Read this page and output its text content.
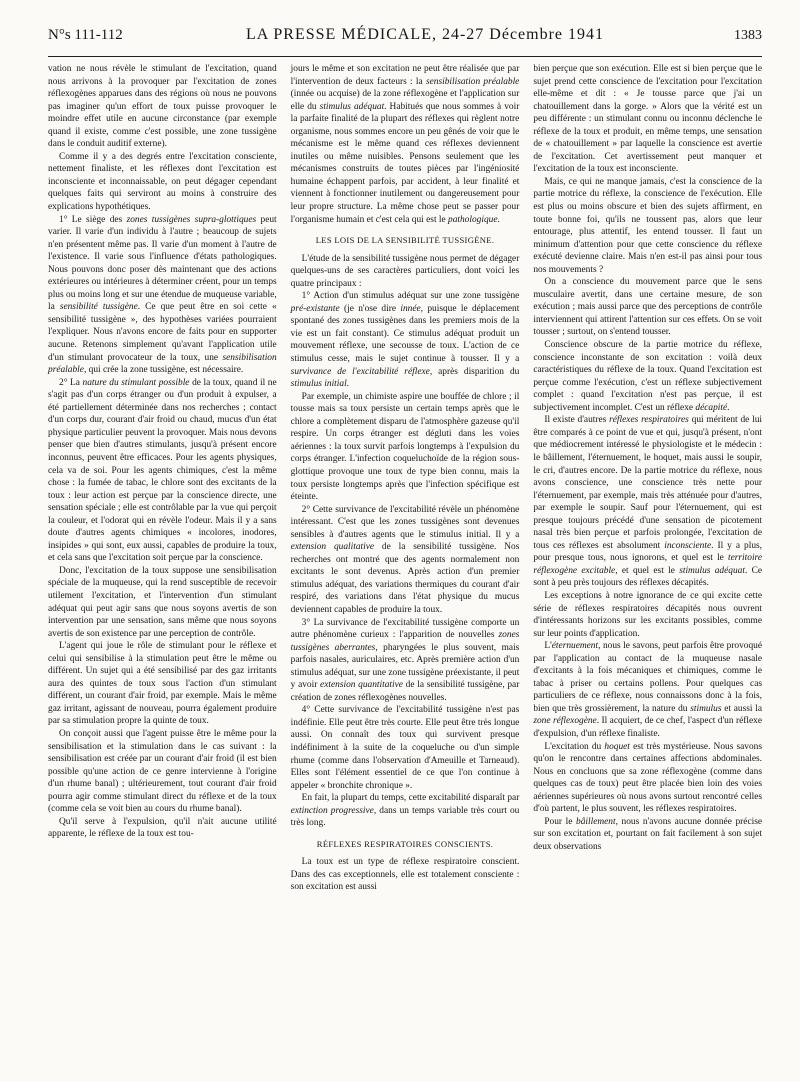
N°s 111-112	LA PRESSE MÉDICALE, 24-27 Décembre 1941	1383

vation ne nous révèle le stimulant de l'excitation, quand nous arrivons à la provoquer par l'excitation de zones réflexogènes apparues dans des régions où nous ne pouvons pas imaginer qu'un effort de toux puisse provoquer le moindre effet utile en aucune circonstance (par exemple quand il existe, comme c'est possible, une zone tussigène dans le conduit auditif externe).

Comme il y a des degrés entre l'excitation consciente, nettement finaliste, et les réflexes dont l'excitation est inconsciente et inconnaissable, on peut dégager cependant quelques faits qui serviront au moins à construire des explications hypothétiques.

1° Le siège des zones tussigènes supra-glottiques peut varier. Il varie d'un individu à l'autre ; beaucoup de sujets n'en présentent même pas. Il varie d'un moment à l'autre de l'existence. Il varie sous l'influence d'états pathologiques. Nous pouvons donc poser dès maintenant que des actions extérieures ou intérieures à déterminer créent, pour un temps plus ou moins long et sur une étendue de muqueuse variable, la sensibilité tussigène. Ce que peut être en soi cette « sensibilité tussigène », des hypothèses variées pourraient l'expliquer. Nous n'avons encore de faits pour en supporter aucune. Retenons simplement qu'avant l'application utile d'un stimulant provocateur de la toux, une sensibilisation préalable, qui crée la zone tussigène, est nécessaire.

2° La nature du stimulant possible de la toux, quand il ne s'agit pas d'un corps étranger ou d'un produit à expulser, a été partiellement déterminée dans nos recherches ; contact d'un corps dur, courant d'air froid ou chaud, mucus d'un état physique particulier peuvent la provoquer. Mais nous devons penser que bien d'autres stimulants, jusqu'à présent encore inconnus, peuvent être efficaces. Pour les agents physiques, cela va de soi. Pour les agents chimiques, c'est la même chose : la fumée de tabac, le chlore sont des excitants de la toux : leur action est perçue par la conscience directe, une sensation spéciale ; elle est contrôlable par la vue qui perçoit la couleur, et l'odorat qui en révèle l'odeur. Mais il y a sans doute d'autres agents chimiques « incolores, inodores, insipides » qui sont, eux aussi, capables de produire la toux, et cela sans que l'excitation soit perçue par la conscience.

Donc, l'excitation de la toux suppose une sensibilisation spéciale de la muqueuse, qui la rend susceptible de recevoir utilement l'excitation, et l'intervention d'un stimulant adéquat qui peut agir sans que nous soyons avertis de son intervention par une sensation, sans même que nous soyons avertis de son existence par une perception de contrôle.

L'agent qui joue le rôle de stimulant pour le réflexe et celui qui sensibilise à la stimulation peut être le même ou différent. Un sujet qui a été sensibilisé par des gaz irritants aura des quintes de toux sous l'action d'un stimulant différent, un courant d'air froid, par exemple. Mais le même gaz irritant, agissant de nouveau, pourra également produire par sa stimulation propre la quinte de toux.

On conçoit aussi que l'agent puisse être le même pour la sensibilisation et la stimulation dans le cas suivant : la sensibilisation est créée par un courant d'air froid (il est bien possible qu'une action de ce genre intervienne à l'origine d'un rhume banal) ; ultérieurement, tout courant d'air froid pourra agir comme stimulant direct du réflexe et de la toux (comme cela se voit bien au cours du rhume banal).

Qu'il serve à l'expulsion, qu'il n'ait aucune utilité apparente, le réflexe de la toux est tou-

jours le même et son excitation ne peut être réalisée que par l'intervention de deux facteurs : la sensibilisation préalable (innée ou acquise) de la zone réflexogène et l'application sur elle du stimulus adéquat. Habitués que nous sommes à voir la parfaite finalité de la plupart des réflexes qui règlent notre organisme, nous sommes encore un peu gênés de voir que le mécanisme est le même quand ces réflexes deviennent inutiles ou même nuisibles. Pensons seulement que les mécanismes construits de toutes pièces par l'ingéniosité humaine échappent parfois, par accident, à leur finalité et viennent à fonctionner inutilement ou dangereusement pour leur propre structure. La même chose peut se passer pour l'organisme humain et c'est cela qui est le pathologique.

LES LOIS DE LA SENSIBILITÉ TUSSIGÈNE.

L'étude de la sensibilité tussigène nous permet de dégager quelques-uns de ses caractères particuliers, dont voici les quatre principaux :

1° Action d'un stimulus adéquat sur une zone tussigène pré-existante (je n'ose dire innée, puisque le déplacement spontané des zones tussigènes dans les premiers mois de la vie est un fait constant). Ce stimulus adéquat produit un mouvement réflexe, une secousse de toux. L'action de ce stimulus cesse, mais le sujet continue à tousser. Il y a survivance de l'excitabilité réflexe, après disparition du stimulus initial.

Par exemple, un chimiste aspire une bouffée de chlore ; il tousse mais sa toux persiste un certain temps après que le chlore a complètement disparu de l'atmosphère gazeuse qu'il respire. Un corps étranger est dégluti dans les voies aériennes : la toux survit parfois longtemps à l'expulsion du corps étranger. L'infection coqueluchoïde de la région sous-glottique provoque une toux de type bien connu, mais la toux persiste longtemps après que l'infection spécifique est éteinte.

2° Cette survivance de l'excitabilité révèle un phénomène intéressant. C'est que les zones tussigènes sont devenues sensibles à d'autres agents que le stimulus initial. Il y a extension qualitative de la sensibilité tussigène. Nos recherches ont montré que des agents normalement non excitants le sont devenus. Après action d'un premier stimulus adéquat, des variations thermiques du courant d'air respiré, des variations dans l'état physique du mucus deviennent capables de produire la toux.

3° La survivance de l'excitabilité tussigène comporte un autre phénomène curieux : l'apparition de nouvelles zones tussigènes aberrantes, pharyngées le plus souvent, mais parfois nasales, auriculaires, etc. Après première action d'un stimulus adéquat, sur une zone tussigène préexistante, il peut y avoir extension quantitative de la sensibilité tussigène, par création de zones réflexogènes nouvelles.

4° Cette survivance de l'excitabilité tussigène n'est pas indéfinie. Elle peut être très courte. Elle peut être très longue aussi. On connaît des toux qui survivent presque indéfiniment à la suite de la coqueluche ou d'un simple rhume (comme dans l'observation d'Ameuille et Tarneaud). Elles sont l'élément essentiel de ce que l'on continue à appeler « bronchite chronique ».

En fait, la plupart du temps, cette excitabilité disparaît par extinction progressive, dans un temps variable très court ou très long.

RÉFLEXES RESPIRATOIRES CONSCIENTS.

La toux est un type de réflexe respiratoire conscient. Dans des cas exceptionnels, elle est totalement consciente : son excitation est aussi

bien perçue que son exécution. Elle est si bien perçue que le sujet prend cette conscience de l'excitation pour l'excitation elle-même et dit : « Je tousse parce que j'ai un chatouillement dans la gorge. » Alors que la vérité est un peu différente : un stimulant connu ou inconnu déclenche le réflexe de la toux et produit, en même temps, une sensation de « chatouillement » par laquelle la conscience est avertie de l'excitation. Cet avertissement peut manquer et l'excitation de la toux est inconsciente.

Mais, ce qui ne manque jamais, c'est la conscience de la partie motrice du réflexe, la conscience de l'exécution. Elle est plus ou moins obscure et bien des sujets affirment, en toute bonne foi, qu'ils ne toussent pas, alors que leur entourage, plus attentif, les entend tousser. Il faut un minimum d'attention pour que cette conscience du réflexe exécuté devienne claire. Mais n'en est-il pas ainsi pour tous nos mouvements ?

On a conscience du mouvement parce que le sens musculaire avertit, dans une certaine mesure, de son exécution ; mais aussi parce que des perceptions de contrôle interviennent qui attirent l'attention sur ces effets. On se voit tousser ; surtout, on s'entend tousser.

Conscience obscure de la partie motrice du réflexe, conscience inconstante de son excitation : voilà deux caractéristiques du réflexe de la toux. Quand l'excitation est perçue comme l'exécution, c'est un réflexe subjectivement complet : quand l'excitation n'est pas perçue, il est subjectivement incomplet. C'est un réflexe décapité.

Il existe d'autres réflexes respiratoires qui méritent de lui être comparés à ce point de vue et qui, jusqu'à présent, n'ont que médiocrement intéressé le physiologiste et le médecin : le bâillement, l'éternuement, le hoquet, mais aussi le soupir, le cri, d'autres encore. De la partie motrice du réflexe, nous avons conscience, une conscience très nette pour l'éternuement, par exemple, mais très atténuée pour d'autres, par exemple le soupir. Sauf pour l'éternuement, qui est presque toujours précédé d'une sensation de picotement nasal très bien perçue et parfois prolongée, l'excitation de tous ces réflexes est absolument inconsciente. Il y a plus, pour presque tous, nous ignorons, et quel est le territoire réflexogène excitable, et quel est le stimulus adéquat. Ce sont à peu près toujours des réflexes décapités.

Les exceptions à notre ignorance de ce qui excite cette série de réflexes respiratoires décapités nous ouvrent d'intéressants horizons sur les excitants possibles, comme sur leur points d'application.

L'éternuement, nous le savons, peut parfois être provoqué par l'application au contact de la muqueuse nasale d'excitants à la fois mécaniques et chimiques, comme le tabac à priser ou certains pollens. Pour quelques cas particuliers de ce réflexe, nous connaissons donc à la fois, bien que très grossièrement, la nature du stimulus et aussi la zone réflexogène. Il acquiert, de ce chef, l'aspect d'un réflexe d'expulsion, d'un réflexe finaliste.

L'excitation du hoquet est très mystérieuse. Nous savons qu'on le rencontre dans certaines affections abdominales. Nous en concluons que sa zone réflexogène (comme dans quelques cas de toux) peut être placée bien loin des voies aériennes supérieures où nous avons surtout rencontré celles d'où partent, le plus souvent, les réflexes respiratoires.

Pour le bâillement, nous n'avons aucune donnée précise sur son excitation et, pourtant on fait facilement à son sujet deux observations
